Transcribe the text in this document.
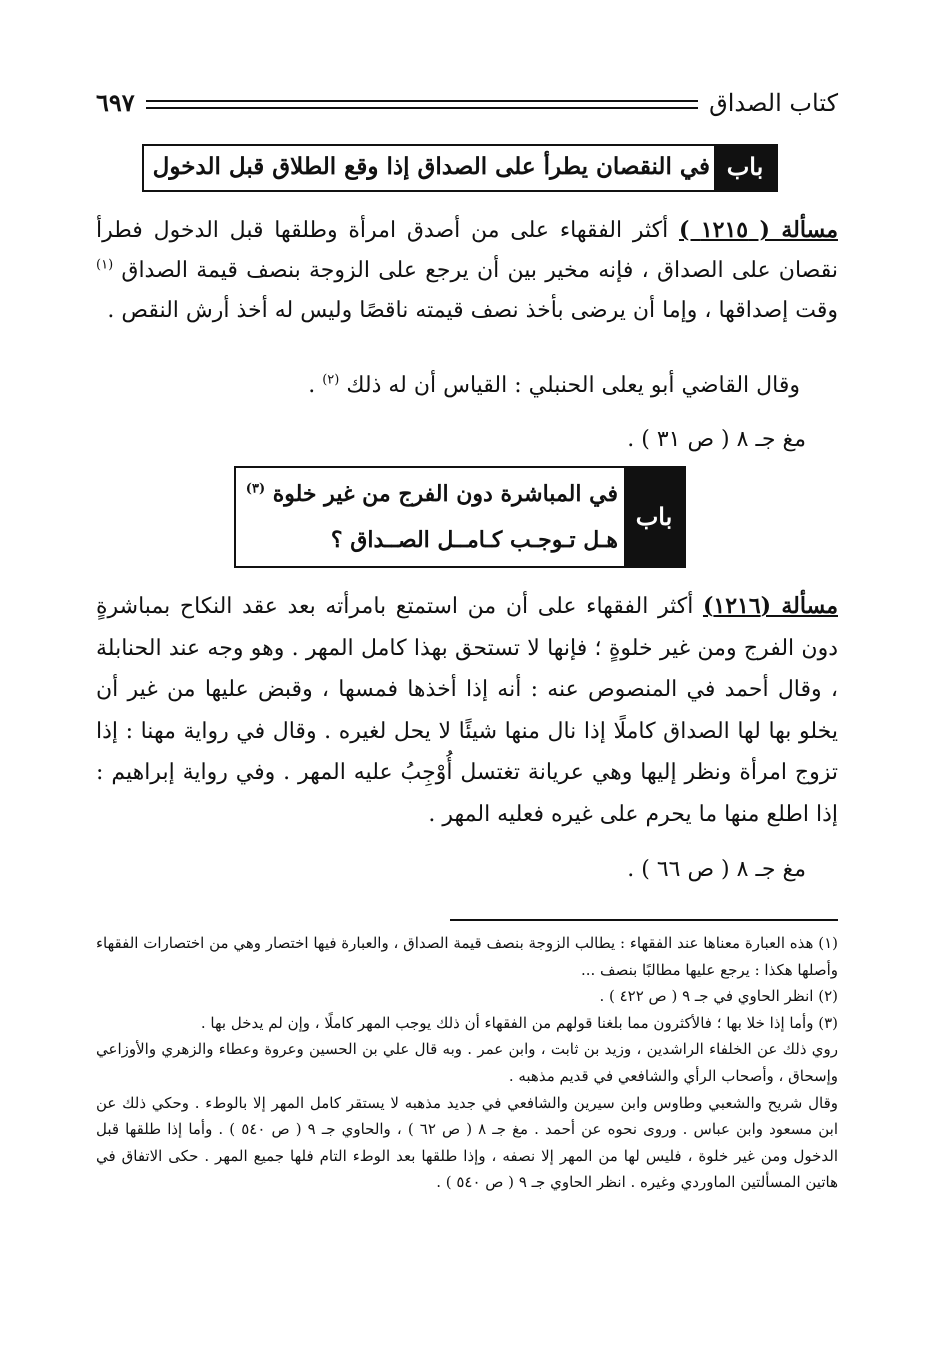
كتاب الصداق
٦٩٧
باب
في النقصان يطرأ على الصداق إذا وقع الطلاق قبل الدخول
مسألة ( ١٢١٥ ) أكثر الفقهاء على من أصدق امرأة وطلقها قبل الدخول فطرأ نقصان على الصداق ، فإنه مخير بين أن يرجع على الزوجة بنصف قيمة الصداق $^{(١)}$ وقت إصداقها ، وإما أن يرضى بأخذ نصف قيمته ناقصًا وليس له أخذ أرش النقص .
وقال القاضي أبو يعلى الحنبلي : القياس أن له ذلك $^{(٢)}$ .
مغ جـ ٨ ( ص ٣١ ) .
باب
في المباشرة دون الفرج من غير خلوة $^{(٣)}$
هـل تـوجـب كـامــل الصــداق ؟
مسألة (١٢١٦) أكثر الفقهاء على أن من استمتع بامرأته بعد عقد النكاح بمباشرةٍ دون الفرج ومن غير خلوةٍ ؛ فإنها لا تستحق بهذا كامل المهر . وهو وجه عند الحنابلة ، وقال أحمد في المنصوص عنه : أنه إذا أخذها فمسها ، وقبض عليها من غير أن يخلو بها لها الصداق كاملًا إذا نال منها شيئًا لا يحل لغيره . وقال في رواية مهنا : إذا تزوج امرأة ونظر إليها وهي عريانة تغتسل أُوْجِبُ عليه المهر . وفي رواية إبراهيم : إذا اطلع منها ما يحرم على غيره فعليه المهر .
مغ جـ ٨ ( ص ٦٦ ) .

(١) هذه العبارة معناها عند الفقهاء : يطالب الزوجة بنصف قيمة الصداق ، والعبارة فيها اختصار وهي من اختصارات الفقهاء وأصلها هكذا : يرجع عليها مطالبًا بنصف ...

(٢) انظر الحاوي في جـ ٩ ( ص ٤٢٢ ) .

(٣) وأما إذا خلا بها ؛ فالأكثرون مما بلغنا قولهم من الفقهاء أن ذلك يوجب المهر كاملًا ، وإن لم يدخل بها .

روي ذلك عن الخلفاء الراشدين ، وزيد بن ثابت ، وابن عمر . وبه قال علي بن الحسين وعروة وعطاء والزهري والأوزاعي وإسحاق ، وأصحاب الرأي والشافعي في قديم مذهبه .

وقال شريح والشعبي وطاوس وابن سيرين والشافعي في جديد مذهبه لا يستقر كامل المهر إلا بالوطء . وحكي ذلك عن ابن مسعود وابن عباس . وروى نحوه عن أحمد . مغ جـ ٨ ( ص ٦٢ ) ، والحاوي جـ ٩ ( ص ٥٤٠ ) . وأما إذا طلقها قبل الدخول ومن غير خلوة ، فليس لها من المهر إلا نصفه ، وإذا طلقها بعد الوطء التام فلها جميع المهر . حكى الاتفاق في هاتين المسألتين الماوردي وغيره . انظر الحاوي جـ ٩ ( ص ٥٤٠ ) .
